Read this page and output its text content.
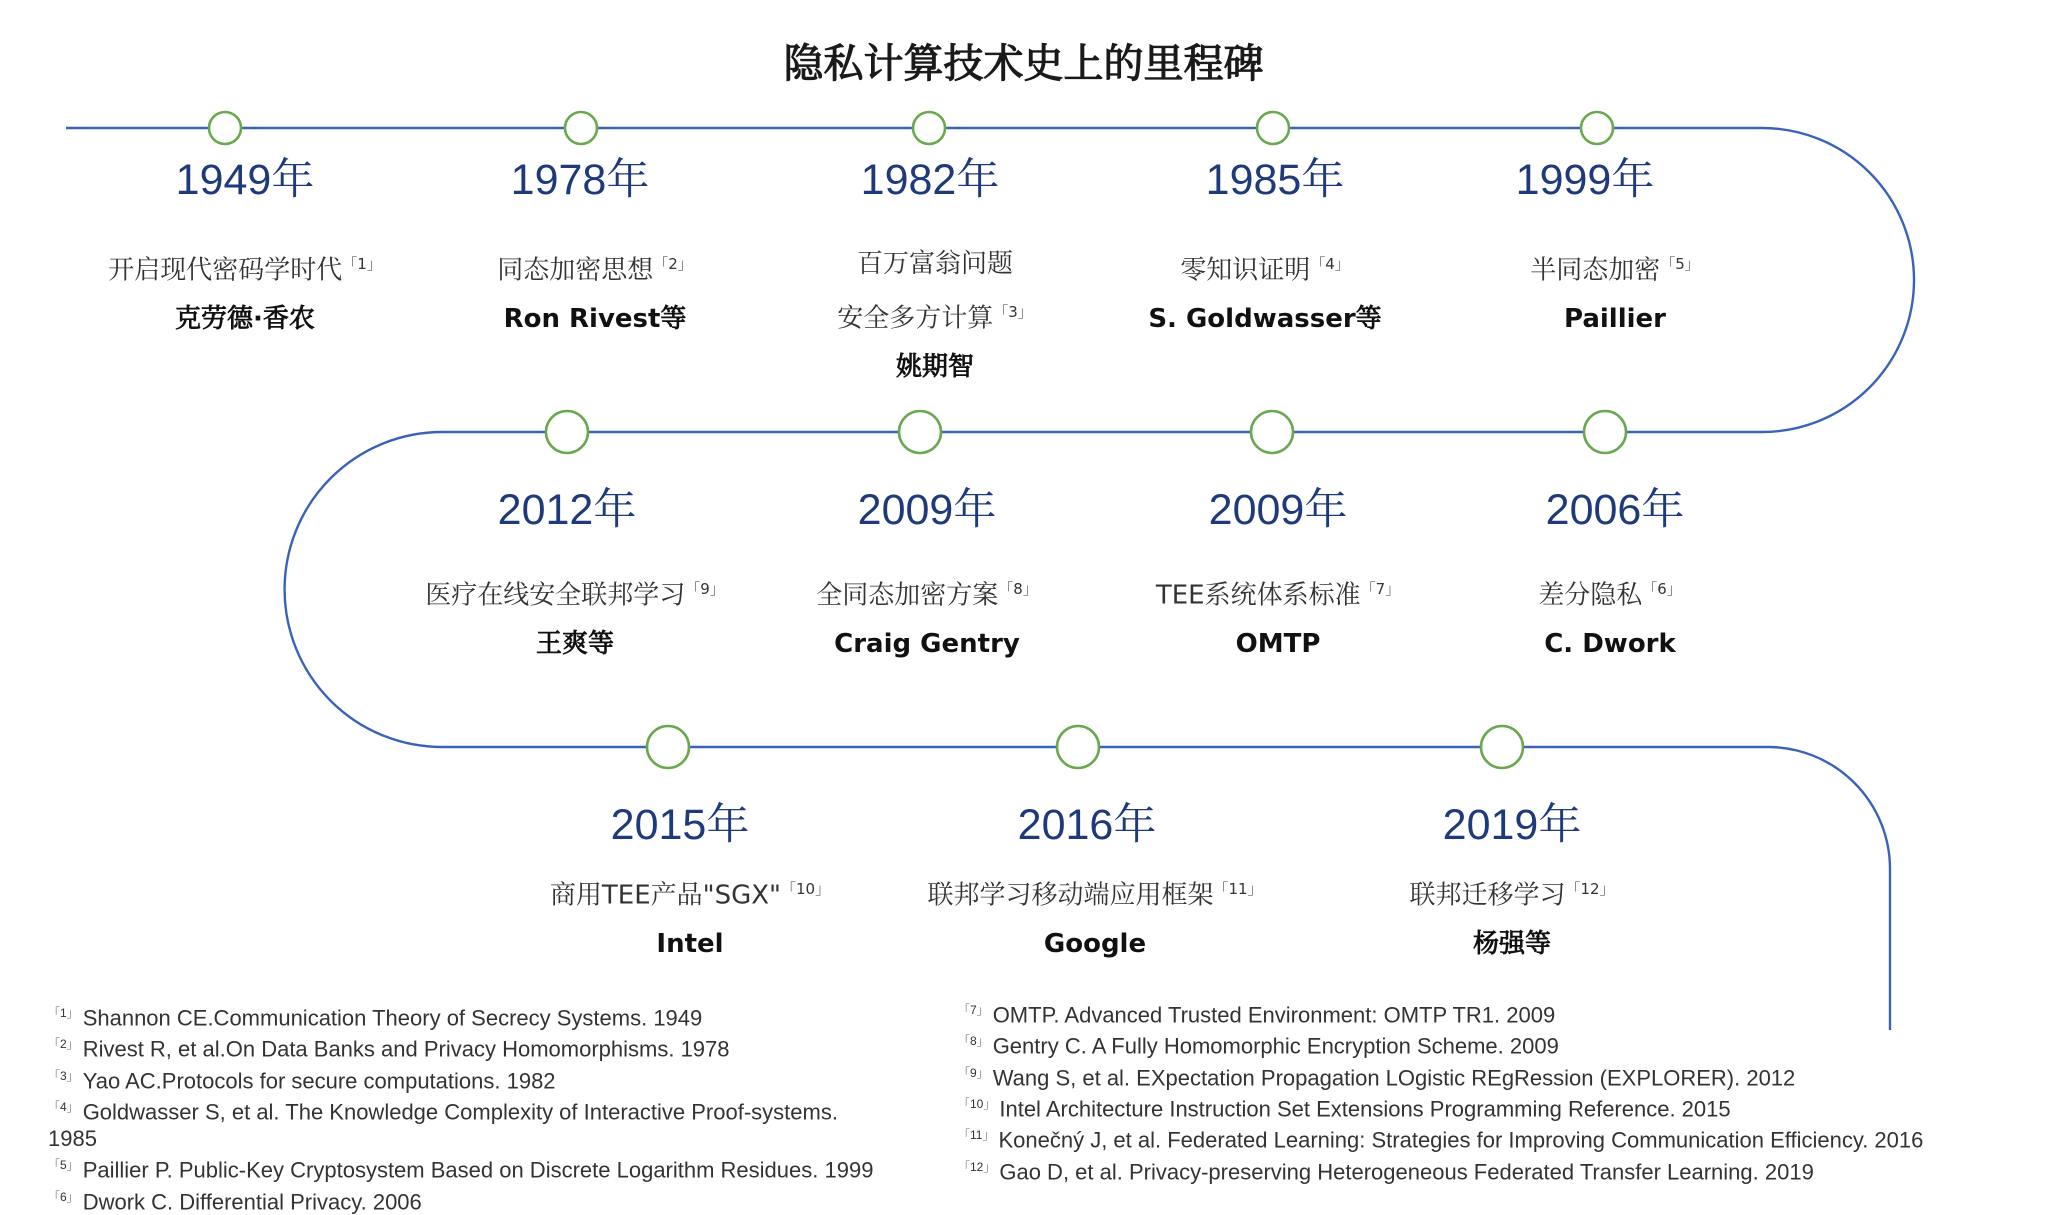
隐私计算技术史上的里程碑
1949年
开启现代密码学时代$^{「1」}$
克劳德·香农
1978年
同态加密思想$^{「2」}$
Ron Rivest等
1982年
百万富翁问题
安全多方计算$^{「3」}$
姚期智
1985年
零知识证明$^{「4」}$
S. Goldwasser等
1999年
半同态加密$^{「5」}$
Paillier
2012年
医疗在线安全联邦学习$^{「9」}$
王爽等
2009年
全同态加密方案$^{「8」}$
Craig Gentry
2009年
TEE系统体系标准$^{「7」}$
OMTP
2006年
差分隐私$^{「6」}$
C. Dwork
2015年
商用TEE产品"SGX"$^{「10」}$
Intel
2016年
联邦学习移动端应用框架$^{「11」}$
Google
2019年
联邦迁移学习$^{「12」}$
杨强等
$^{「1」}$ Shannon CE.Communication Theory of Secrecy Systems. 1949
$^{「2」}$ Rivest R, et al.On Data Banks and Privacy Homomorphisms. 1978
$^{「3」}$ Yao AC.Protocols for secure computations. 1982
$^{「4」}$ Goldwasser S, et al. The Knowledge Complexity of Interactive Proof-systems.
1985
$^{「5」}$ Paillier P. Public-Key Cryptosystem Based on Discrete Logarithm Residues. 1999
$^{「6」}$ Dwork C. Differential Privacy. 2006
$^{「7」}$ OMTP. Advanced Trusted Environment: OMTP TR1. 2009
$^{「8」}$ Gentry C. A Fully Homomorphic Encryption Scheme. 2009
$^{「9」}$ Wang S, et al. EXpectation Propagation LOgistic REgRession (EXPLORER). 2012
$^{「10」}$ Intel Architecture Instruction Set Extensions Programming Reference. 2015
$^{「11」}$ Konečný J, et al. Federated Learning: Strategies for Improving Communication Efficiency. 2016
$^{「12」}$ Gao D, et al. Privacy-preserving Heterogeneous Federated Transfer Learning. 2019
